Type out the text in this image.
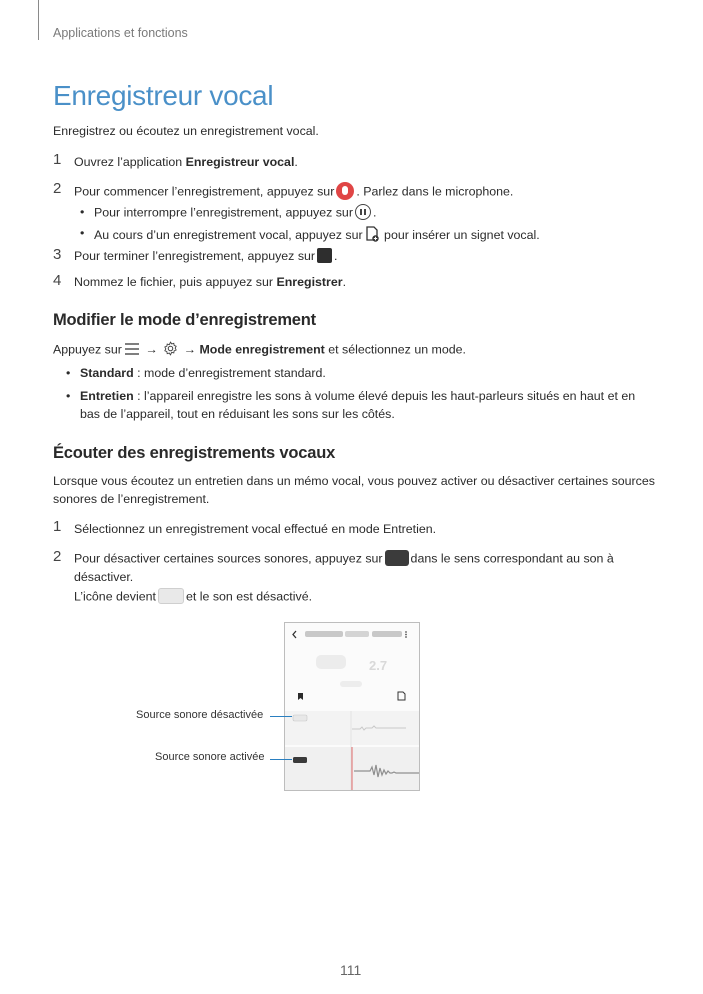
Applications et fonctions
Enregistreur vocal
Enregistrez ou écoutez un enregistrement vocal.
1 Ouvrez l’application Enregistreur vocal.
2 Pour commencer l’enregistrement, appuyez sur . Parlez dans le microphone.
Pour interrompre l’enregistrement, appuyez sur .
Au cours d’un enregistrement vocal, appuyez sur pour insérer un signet vocal.
3 Pour terminer l’enregistrement, appuyez sur .
4 Nommez le fichier, puis appuyez sur Enregistrer.
Modifier le mode d’enregistrement
Appuyez sur → → Mode enregistrement et sélectionnez un mode.
Standard : mode d’enregistrement standard.
Entretien : l’appareil enregistre les sons à volume élevé depuis les haut-parleurs situés en haut et en
bas de l’appareil, tout en réduisant les sons sur les côtés.
Écouter des enregistrements vocaux
Lorsque vous écoutez un entretien dans un mémo vocal, vous pouvez activer ou désactiver certaines sources
sonores de l’enregistrement.
1 Sélectionnez un enregistrement vocal effectué en mode Entretien.
2 Pour désactiver certaines sources sonores, appuyez sur dans le sens correspondant au son à
désactiver.
L’icône devient et le son est désactivé.
2.7
Source sonore désactivée
Source sonore activée
111
